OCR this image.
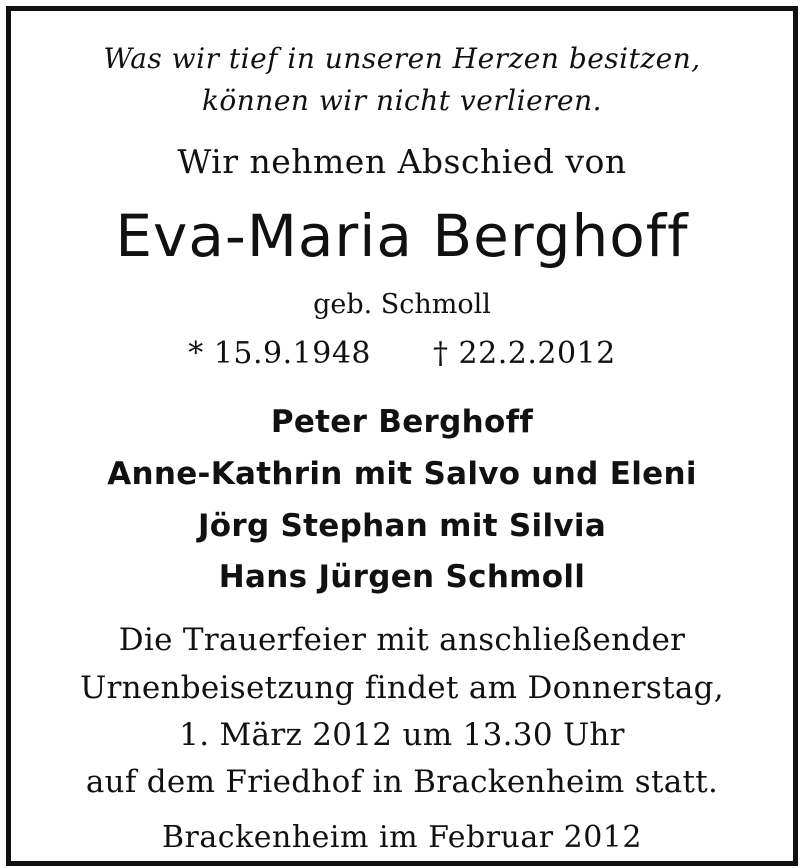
Was wir tief in unseren Herzen besitzen,
können wir nicht verlieren.
Wir nehmen Abschied von
Eva-Maria Berghoff
geb. Schmoll
* 15.9.1948 † 22.2.2012
Peter Berghoff
Anne-Kathrin mit Salvo und Eleni
Jörg Stephan mit Silvia
Hans Jürgen Schmoll
Die Trauerfeier mit anschließender
Urnenbeisetzung findet am Donnerstag,
1. März 2012 um 13.30 Uhr
auf dem Friedhof in Brackenheim statt.
Brackenheim im Februar 2012
